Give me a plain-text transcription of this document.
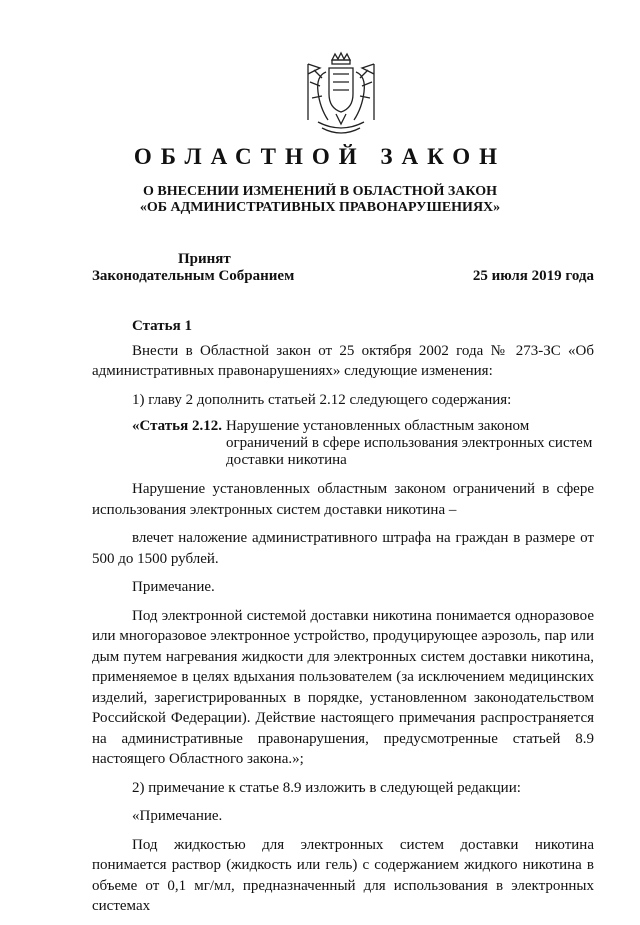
ОБЛАСТНОЙ ЗАКОН
О ВНЕСЕНИИ ИЗМЕНЕНИЙ В ОБЛАСТНОЙ ЗАКОН
«ОБ АДМИНИСТРАТИВНЫХ ПРАВОНАРУШЕНИЯХ»
Принят
Законодательным Собранием	25 июля 2019 года

Статья 1

Внести в Областной закон от 25 октября 2002 года № 273-ЗС «Об административных правонарушениях» следующие изменения:

1) главу 2 дополнить статьей 2.12 следующего содержания:

«Статья 2.12. Нарушение установленных областным законом ограничений в сфере использования электронных систем доставки никотина

Нарушение установленных областным законом ограничений в сфере использования электронных систем доставки никотина –

влечет наложение административного штрафа на граждан в размере от 500 до 1500 рублей.

Примечание.

Под электронной системой доставки никотина понимается одноразовое или многоразовое электронное устройство, продуцирующее аэрозоль, пар или дым путем нагревания жидкости для электронных систем доставки никотина, применяемое в целях вдыхания пользователем (за исключением медицинских изделий, зарегистрированных в порядке, установленном законодательством Российской Федерации). Действие настоящего примечания распространяется на административные правонарушения, предусмотренные статьей 8.9 настоящего Областного закона.»;

2) примечание к статье 8.9 изложить в следующей редакции:

«Примечание.

Под жидкостью для электронных систем доставки никотина понимается раствор (жидкость или гель) с содержанием жидкого никотина в объеме от 0,1 мг/мл, предназначенный для использования в электронных системах
